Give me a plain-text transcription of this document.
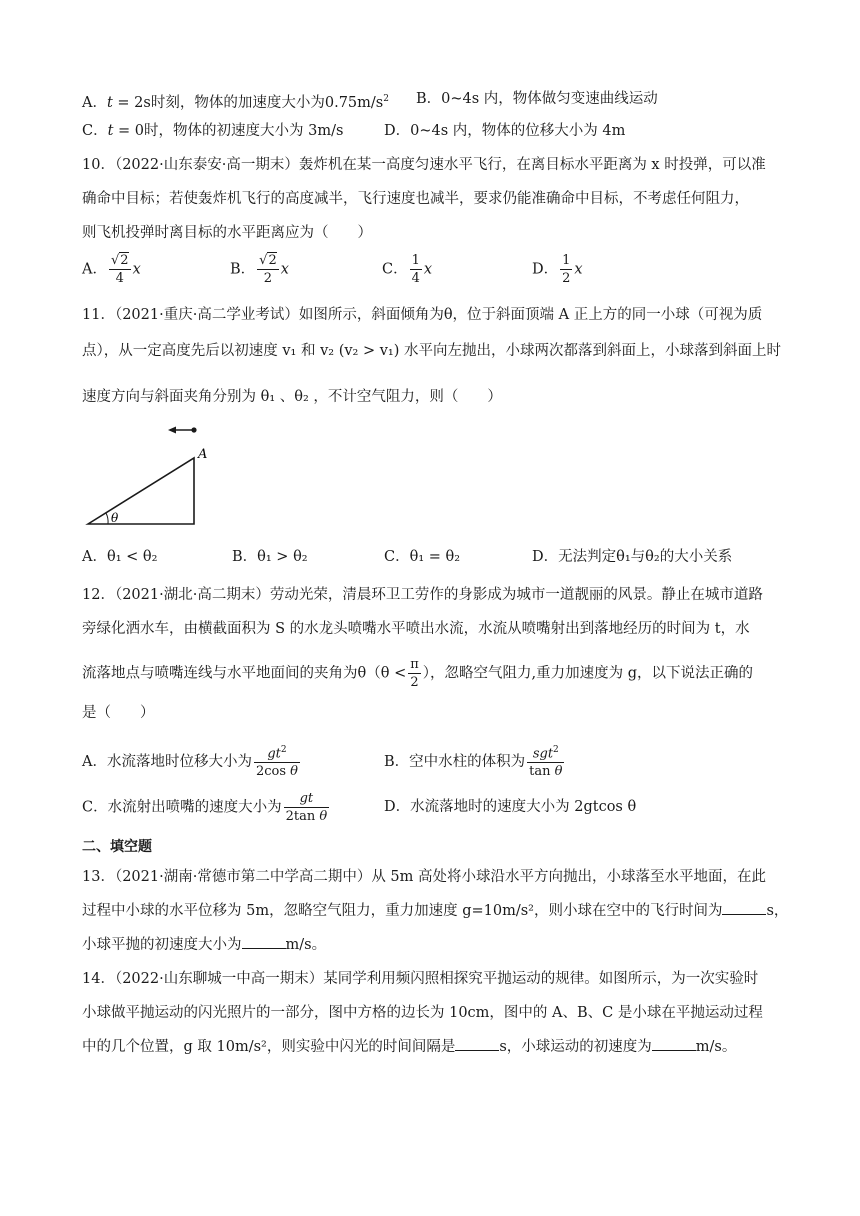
A．t = 2s时刻，物体的加速度大小为$0.75m/s^2$ B．0~4s 内，物体做匀变速曲线运动
C．t = 0时，物体的初速度大小为 3m/s	D．0~4s 内，物体的位移大小为 4m
10．（2022·山东泰安·高一期末）轰炸机在某一高度匀速水平飞行，在离目标水平距离为 x 时投弹，可以准
确命中目标；若使轰炸机飞行的高度减半，飞行速度也减半，要求仍能准确命中目标，不考虑任何阻力，
则飞机投弹时离目标的水平距离应为（　　）
A． $\frac{√2}{4}$ x	B． $\frac{√2}{2}$ x	C． $\frac{1}{4}$ x	D． $\frac{1}{2}$ x
11．（2021·重庆·高二学业考试）如图所示，斜面倾角为θ，位于斜面顶端 A 正上方的同一小球（可视为质
点），从一定高度先后以初速度 v₁ 和 v₂ (v₂ > v₁) 水平向左抛出，小球两次都落到斜面上，小球落到斜面上时
速度方向与斜面夹角分别为 θ₁ 、θ₂ ，不计空气阻力，则（　　）
A
θ
A．θ₁ < θ₂	B．θ₁ > θ₂	C．θ₁ = θ₂	D．无法判定θ₁与θ₂的大小关系
12．（2021·湖北·高二期末）劳动光荣，清晨环卫工劳作的身影成为城市一道靓丽的风景。静止在城市道路
旁绿化洒水车，由横截面积为 S 的水龙头喷嘴水平喷出水流，水流从喷嘴射出到落地经历的时间为 t，水
流落地点与喷嘴连线与水平地面间的夹角为$\theta(\theta < \frac{\pi}{2}$ ），忽略空气阻力,重力加速度为 g，以下说法正确的
是（　　）
A．水流落地时位移大小为 $\frac{gt^2}{\text{2cos θ}}$	B．空中水柱的体积为 $\frac{sgt^2}{\text{tan θ}}$
C．水流射出喷嘴的速度大小为 $\frac{gt}{\text{2tan θ}}$	D．水流落地时的速度大小为 2gtcos θ
二、填空题
13．（2021·湖南·常德市第二中学高二期中）从 5m 高处将小球沿水平方向抛出，小球落至水平地面，在此
过程中小球的水平位移为 5m，忽略空气阻力，重力加速度 g=10m/s²，则小球在空中的飞行时间为	s，
小球平抛的初速度大小为	m/s。
14．（2022·山东聊城一中高一期末）某同学利用频闪照相探究平抛运动的规律。如图所示，为一次实验时
小球做平抛运动的闪光照片的一部分，图中方格的边长为 10cm，图中的 A、B、C 是小球在平抛运动过程
中的几个位置，g 取 10m/s²，则实验中闪光的时间间隔是	s，小球运动的初速度为	m/s。
